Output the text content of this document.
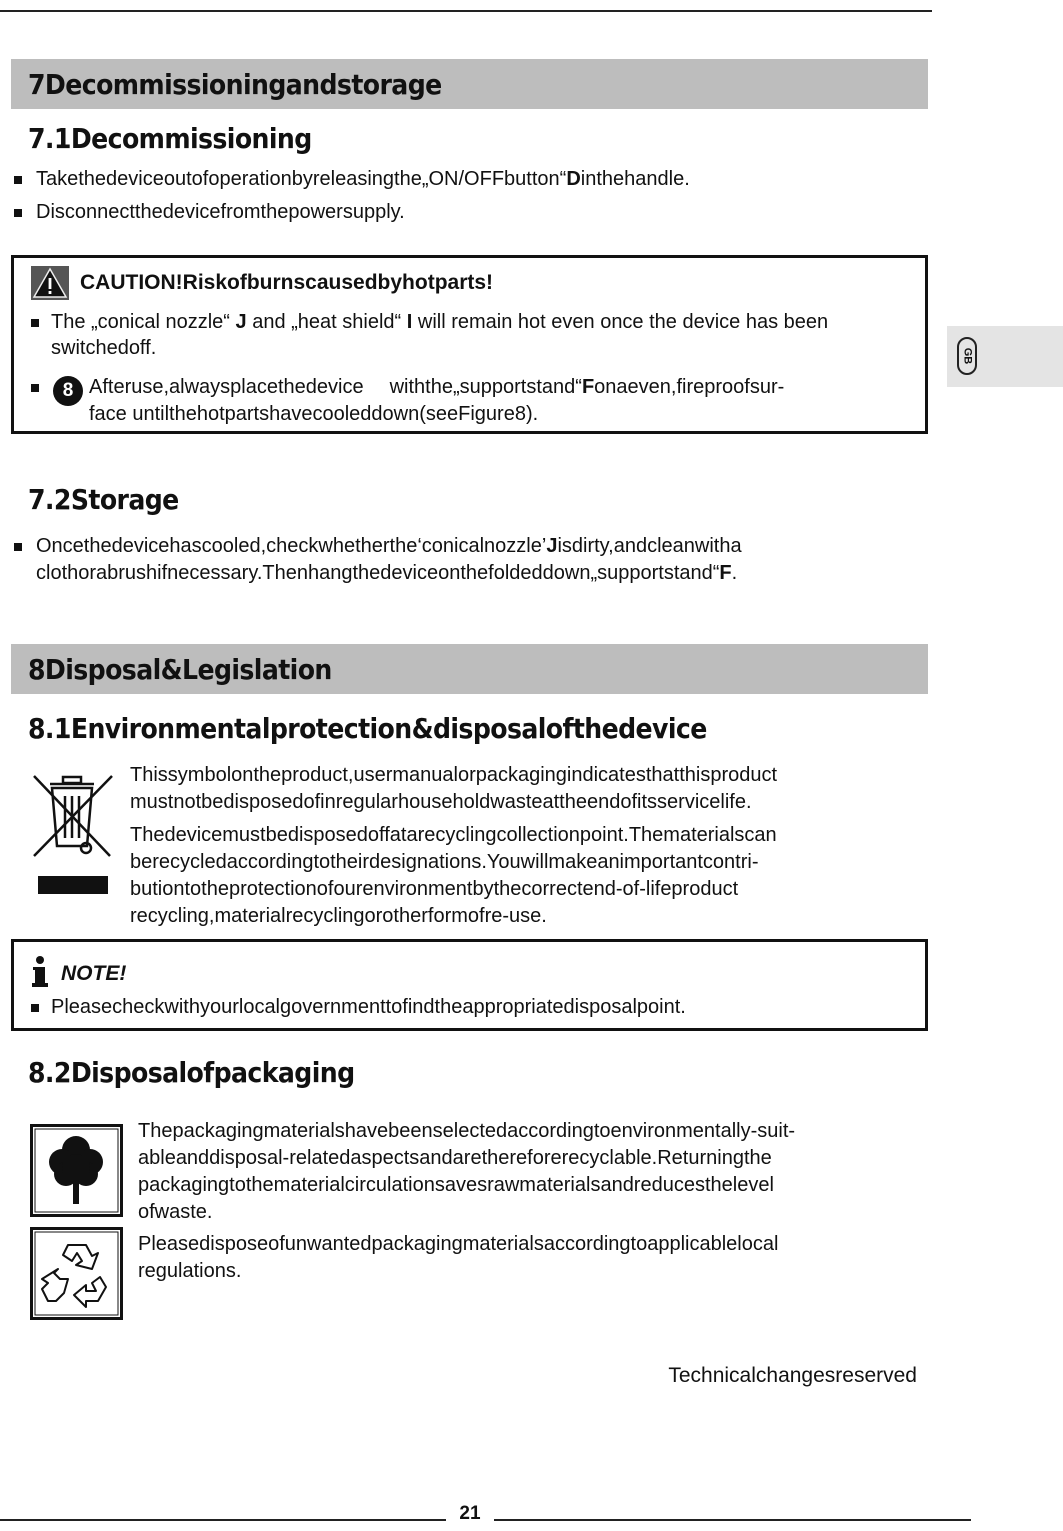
GB
7Decommissioningandstorage
7.1Decommissioning
Takethedeviceoutofoperationbyreleasingthe„ON/OFFbutton“Dinthehandle.
Disconnectthedevicefromthepowersupply.
CAUTION!Riskofburnscausedbyhotparts!
The „conical nozzle“ J and „heat shield“ I will remain hot even once the device has been
switchedoff.
8 Afteruse,alwaysplacethedevice withthe„supportstand“Fonaeven,fireproofsur-
face untilthehotpartshavecooleddown(seeFigure8).
7.2Storage
Oncethedevicehascooled,checkwhetherthe‘conicalnozzle’Jisdirty,andcleanwitha
clothorabrushifnecessary.Thenhangthedeviceonthefoldeddown„supportstand“F.
8Disposal&Legislation
8.1Environmentalprotection&disposalofthedevice
Thissymbolontheproduct,usermanualorpackagingindicatesthatthisproduct
mustnotbedisposedofinregularhouseholdwasteattheendofitsservicelife.
Thedevicemustbedisposedoffatarecyclingcollectionpoint.Thematerialscan
berecycledaccordingtotheirdesignations.Youwillmakeanimportantcontri-
butiontotheprotectionofourenvironmentbythecorrectend-of-lifeproduct
recycling,materialrecyclingorotherformofre-use.
NOTE!
Pleasecheckwithyourlocalgovernmenttofindtheappropriatedisposalpoint.
8.2Disposalofpackaging
Thepackagingmaterialshavebeenselectedaccordingtoenvironmentally-suit-
ableanddisposal-relatedaspectsandarethereforerecyclable.Returningthe
packagingtothematerialcirculationsavesrawmaterialsandreducesthelevel
ofwaste.
Pleasedisposeofunwantedpackagingmaterialsaccordingtoapplicablelocal
regulations.
Technicalchangesreserved
21
